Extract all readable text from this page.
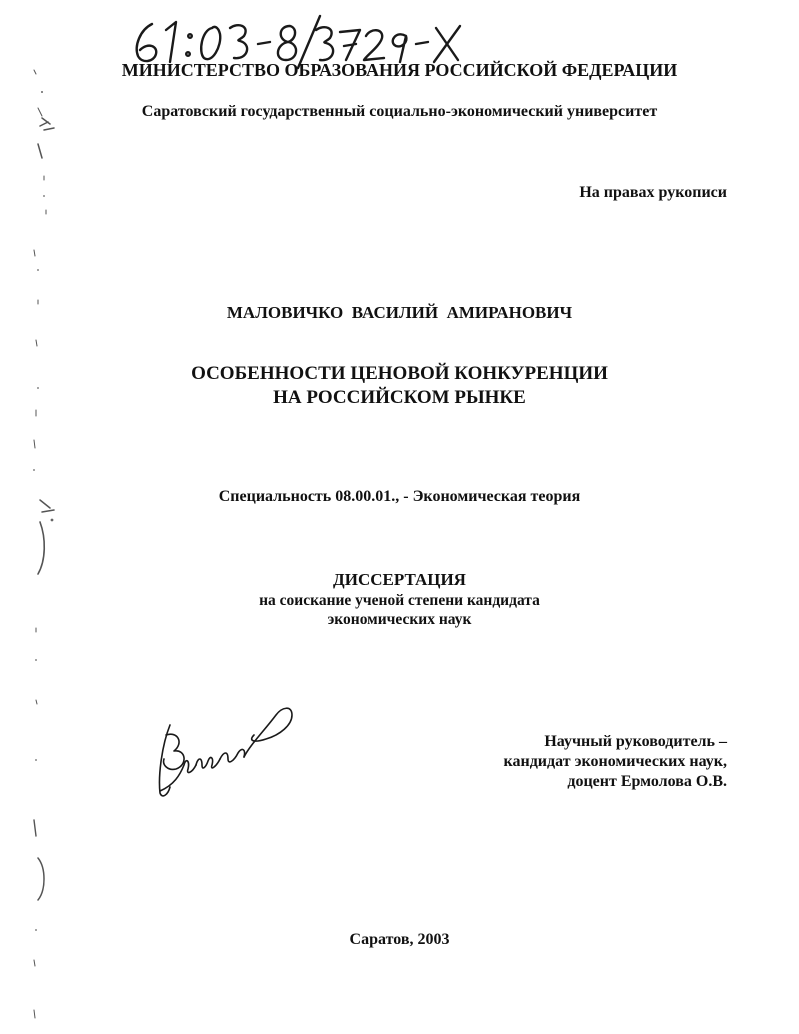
МИНИСТЕРСТВО ОБРАЗОВАНИЯ РОССИЙСКОЙ ФЕДЕРАЦИИ
Саратовский государственный социально-экономический университет
На правах рукописи
МАЛОВИЧКО  ВАСИЛИЙ  АМИРАНОВИЧ
ОСОБЕННОСТИ ЦЕНОВОЙ КОНКУРЕНЦИИ
НА РОССИЙСКОМ РЫНКЕ
Специальность 08.00.01., - Экономическая теория
ДИССЕРТАЦИЯ
на соискание ученой степени кандидата
экономических наук
Научный руководитель –
кандидат экономических наук,
доцент Ермолова О.В.
Саратов, 2003
